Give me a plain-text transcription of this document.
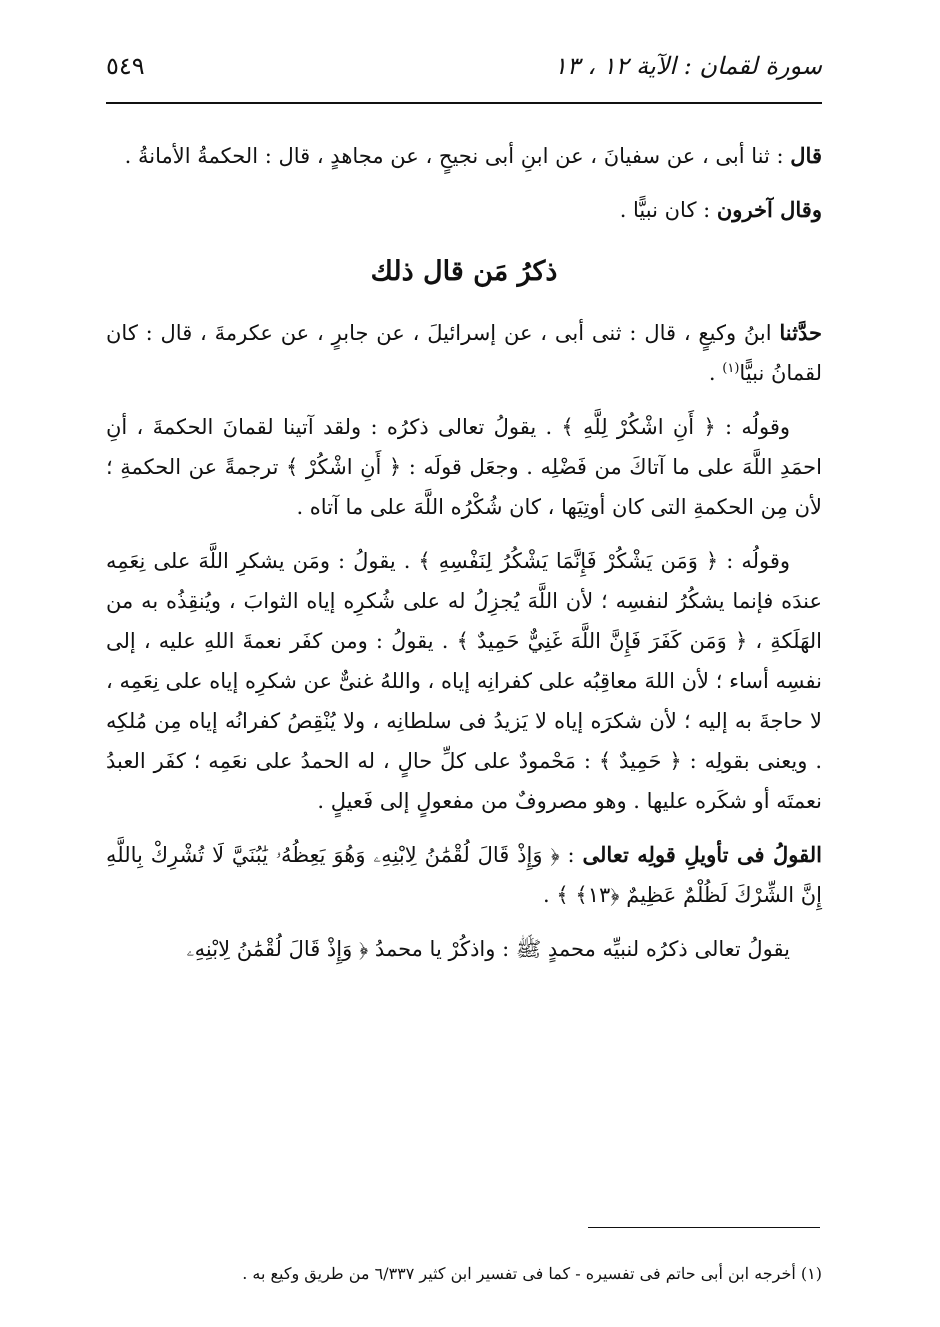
سورة لقمان : الآية ١٢ ، ١٣
٥٤٩

قال : ثنا أبى ، عن سفيانَ ، عن ابنِ أبى نجيحٍ ، عن مجاهدٍ ، قال : الحكمةُ الأمانةُ .

وقال آخرون : كان نبيًّا .

ذكرُ مَن قال ذلك

حدَّثنا ابنُ وكيعٍ ، قال : ثنى أبى ، عن إسرائيلَ ، عن جابرٍ ، عن عكرمةَ ، قال : كان لقمانُ نبيًّا$^{(١)}$ .

وقولُه : ﴿ أَنِ اشْكُرْ لِلَّهِ ﴾ . يقولُ تعالى ذكرُه : ولقد آتينا لقمانَ الحكمةَ ، أنِ احمَدِ اللَّهَ على ما آتاكَ من فَضْلِه . وجعَل قولَه : ﴿ أَنِ اشْكُرْ ﴾ ترجمةً عن الحكمةِ ؛ لأن مِن الحكمةِ التى كان أوتِيَها ، كان شُكْرُه اللَّهَ على ما آتاه .

وقولُه : ﴿ وَمَن يَشْكُرْ فَإِنَّمَا يَشْكُرُ لِنَفْسِهِ ﴾ . يقولُ : ومَن يشكرِ اللَّهَ على نِعَمِه عندَه فإنما يشكُرُ لنفسِه ؛ لأن اللَّهَ يُجزِلُ له على شُكرِه إياه الثوابَ ، ويُنقِذُه به من الهَلَكةِ ، ﴿ وَمَن كَفَرَ فَإِنَّ اللَّهَ غَنِيٌّ حَمِيدٌ ﴾ . يقولُ : ومن كفَر نعمةَ اللهِ عليه ، إلى نفسِه أساء ؛ لأن اللهَ معاقِبُه على كفرانِه إياه ، واللهُ غنىٌّ عن شكرِه إياه على نِعَمِه ، لا حاجةَ به إليه ؛ لأن شكرَه إياه لا يَزيدُ فى سلطانِه ، ولا يُنْقِصُ كفرانُه إياه مِن مُلكِه . ويعنى بقولِه : ﴿ حَمِيدٌ ﴾ : مَحْمودٌ على كلِّ حالٍ ، له الحمدُ على نعَمِه ؛ كفَر العبدُ نعمتَه أو شكَره عليها . وهو مصروفٌ من مفعولٍ إلى فَعيلٍ .

القولُ فى تأويلِ قولِه تعالى : ﴿ وَإِذْ قَالَ لُقْمَٰنُ لِابْنِهِۦ وَهُوَ يَعِظُهُۥ يَٰبُنَيَّ لَا تُشْرِكْ بِاللَّهِ إِنَّ الشِّرْكَ لَظُلْمٌ عَظِيمٌ ﴿١٣﴾ ﴾ .

يقولُ تعالى ذكرُه لنبيِّه محمدٍ ﷺ : واذكُرْ يا محمدُ ﴿ وَإِذْ قَالَ لُقْمَٰنُ لِابْنِهِۦ

(١) أخرجه ابن أبى حاتم فى تفسيره - كما فى تفسير ابن كثير ٦/٣٣٧ من طريق وكيع به .
